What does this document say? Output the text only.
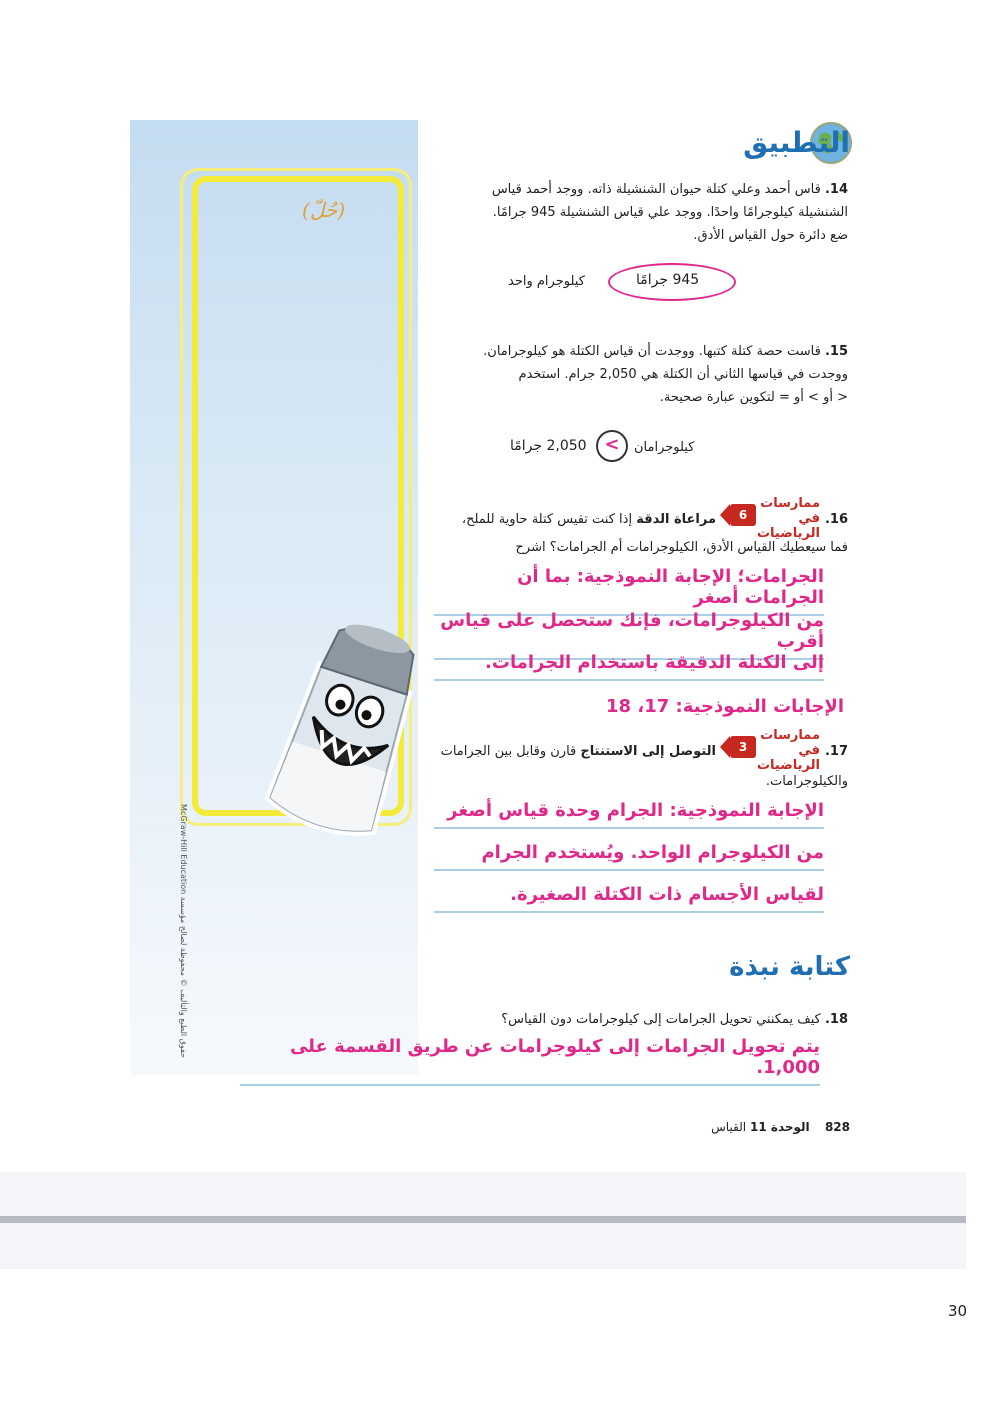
(حُلّ)
حقوق الطبع والتأليف © محفوظة لصالح مؤسسة McGraw-Hill Education
التطبيق
14. قاس أحمد وعلي كتلة حيوان الشنشيلة ذاته. ووجد أحمد قياس
الشنشيلة كيلوجرامًا واحدًا. ووجد علي قياس الشنشيلة 945 جرامًا.
ضع دائرة حول القياس الأدق.
945 جرامًا
كيلوجرام واحد
15. قاست حصة كتلة كتبها. ووجدت أن قياس الكتلة هو كيلوجرامان.
ووجدت في قياسها الثاني أن الكتلة هي 2,050 جرام. استخدم
< أو > أو = لتكوين عبارة صحيحة.
2,050 جرامًا <	كيلوجرامان
ممارسات في الرياضيات
6	16.
مراعاة الدقة إذا كنت تقيس كتلة حاوية للملح،
فما سيعطيك القياس الأدق، الكيلوجرامات أم الجرامات؟ اشرح
الجرامات؛ الإجابة النموذجية: بما أن الجرامات أصغر
من الكيلوجرامات، فإنك ستحصل على قياس أقرب
إلى الكتلة الدقيقة باستخدام الجرامات.
الإجابات النموذجية: 17، 18
ممارسات في الرياضيات
3	17.
التوصل إلى الاستنتاج قارن وقابل بين الجرامات
والكيلوجرامات.
الإجابة النموذجية: الجرام وحدة قياس أصغر
من الكيلوجرام الواحد. ويُستخدم الجرام
لقياس الأجسام ذات الكتلة الصغيرة.
كتابة نبذة
18. كيف يمكنني تحويل الجرامات إلى كيلوجرامات دون القياس؟
يتم تحويل الجرامات إلى كيلوجرامات عن طريق القسمة على 1,000.
828    الوحدة 11 القياس
30
